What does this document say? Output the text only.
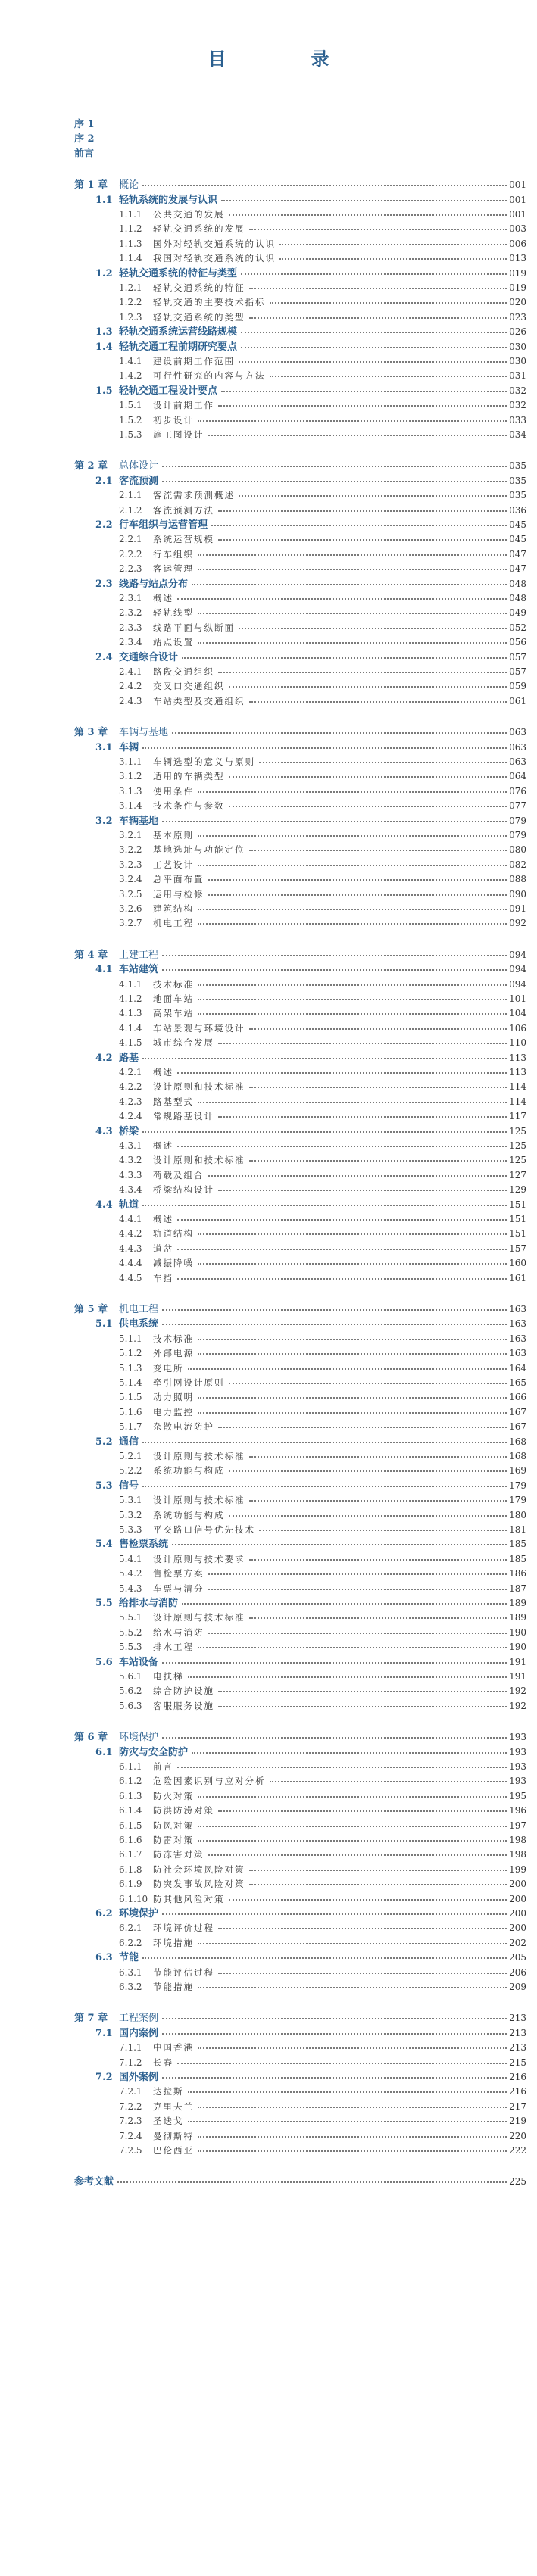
目　录
序 1
序 2
前言
第 1 章 概论	001
1.1 轻轨系统的发展与认识	001
1.1.1 公共交通的发展	001
1.1.2 轻轨交通系统的发展	003
1.1.3 国外对轻轨交通系统的认识	006
1.1.4 我国对轻轨交通系统的认识	013
1.2 轻轨交通系统的特征与类型	019
1.2.1 轻轨交通系统的特征	019
1.2.2 轻轨交通的主要技术指标	020
1.2.3 轻轨交通系统的类型	023
1.3 轻轨交通系统运营线路规模	026
1.4 轻轨交通工程前期研究要点	030
1.4.1 建设前期工作范围	030
1.4.2 可行性研究的内容与方法	031
1.5 轻轨交通工程设计要点	032
1.5.1 设计前期工作	032
1.5.2 初步设计	033
1.5.3 施工图设计	034
第 2 章 总体设计	035
2.1 客流预测	035
2.1.1 客流需求预测概述	035
2.1.2 客流预测方法	036
2.2 行车组织与运营管理	045
2.2.1 系统运营规模	045
2.2.2 行车组织	047
2.2.3 客运管理	047
2.3 线路与站点分布	048
2.3.1 概述	048
2.3.2 轻轨线型	049
2.3.3 线路平面与纵断面	052
2.3.4 站点设置	056
2.4 交通综合设计	057
2.4.1 路段交通组织	057
2.4.2 交叉口交通组织	059
2.4.3 车站类型及交通组织	061
第 3 章 车辆与基地	063
3.1 车辆	063
3.1.1 车辆选型的意义与原则	063
3.1.2 适用的车辆类型	064
3.1.3 使用条件	076
3.1.4 技术条件与参数	077
3.2 车辆基地	079
3.2.1 基本原则	079
3.2.2 基地选址与功能定位	080
3.2.3 工艺设计	082
3.2.4 总平面布置	088
3.2.5 运用与检修	090
3.2.6 建筑结构	091
3.2.7 机电工程	092
第 4 章 土建工程	094
4.1 车站建筑	094
4.1.1 技术标准	094
4.1.2 地面车站	101
4.1.3 高架车站	104
4.1.4 车站景观与环境设计	106
4.1.5 城市综合发展	110
4.2 路基	113
4.2.1 概述	113
4.2.2 设计原则和技术标准	114
4.2.3 路基型式	114
4.2.4 常规路基设计	117
4.3 桥梁	125
4.3.1 概述	125
4.3.2 设计原则和技术标准	125
4.3.3 荷载及组合	127
4.3.4 桥梁结构设计	129
4.4 轨道	151
4.4.1 概述	151
4.4.2 轨道结构	151
4.4.3 道岔	157
4.4.4 减振降噪	160
4.4.5 车挡	161
第 5 章 机电工程	163
5.1 供电系统	163
5.1.1 技术标准	163
5.1.2 外部电源	163
5.1.3 变电所	164
5.1.4 牵引网设计原则	165
5.1.5 动力照明	166
5.1.6 电力监控	167
5.1.7 杂散电流防护	167
5.2 通信	168
5.2.1 设计原则与技术标准	168
5.2.2 系统功能与构成	169
5.3 信号	179
5.3.1 设计原则与技术标准	179
5.3.2 系统功能与构成	180
5.3.3 平交路口信号优先技术	181
5.4 售检票系统	185
5.4.1 设计原则与技术要求	185
5.4.2 售检票方案	186
5.4.3 车票与清分	187
5.5 给排水与消防	189
5.5.1 设计原则与技术标准	189
5.5.2 给水与消防	190
5.5.3 排水工程	190
5.6 车站设备	191
5.6.1 电扶梯	191
5.6.2 综合防护设施	192
5.6.3 客服服务设施	192
第 6 章 环境保护	193
6.1 防灾与安全防护	193
6.1.1 前言	193
6.1.2 危险因素识别与应对分析	193
6.1.3 防火对策	195
6.1.4 防洪防涝对策	196
6.1.5 防风对策	197
6.1.6 防雷对策	198
6.1.7 防冻害对策	198
6.1.8 防社会环境风险对策	199
6.1.9 防突发事故风险对策	200
6.1.10 防其他风险对策	200
6.2 环境保护	200
6.2.1 环境评价过程	200
6.2.2 环境措施	202
6.3 节能	205
6.3.1 节能评估过程	206
6.3.2 节能措施	209
第 7 章 工程案例	213
7.1 国内案例	213
7.1.1 中国香港	213
7.1.2 长春	215
7.2 国外案例	216
7.2.1 达拉斯	216
7.2.2 克里夫兰	217
7.2.3 圣迭戈	219
7.2.4 曼彻斯特	220
7.2.5 巴伦西亚	222
参考文献	225
